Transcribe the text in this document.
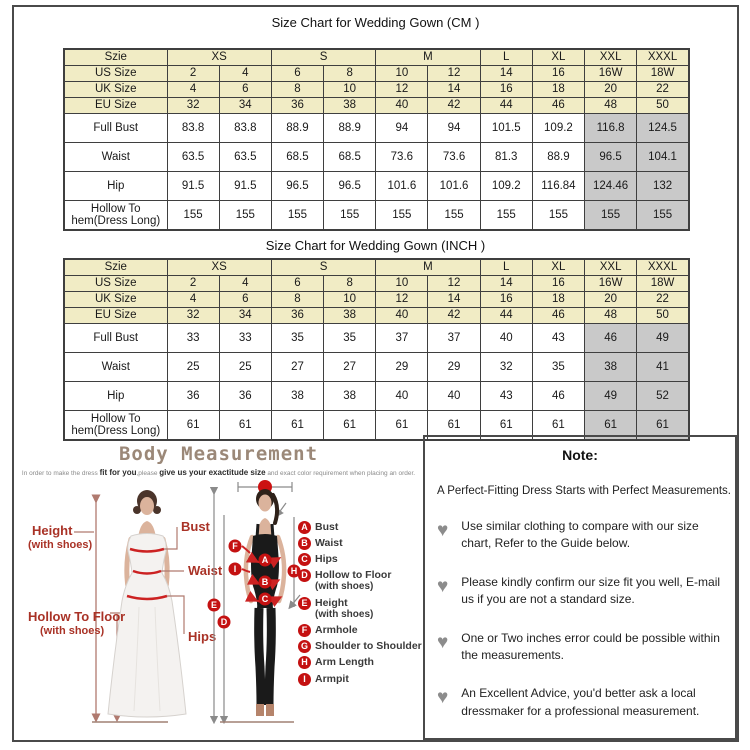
Size Chart for Wedding Gown (CM )
Szie	XS		S		M		L	XL	XXL	XXXL
US Size	2	4	6	8	10	12	14	16	16W	18W
UK Size	4	6	8	10	12	14	16	18	20	22
EU Size	32	34	36	38	40	42	44	46	48	50
Full Bust	83.8	83.8	88.9	88.9	94	94	101.5	109.2	116.8	124.5
Waist	63.5	63.5	68.5	68.5	73.6	73.6	81.3	88.9	96.5	104.1
Hip	91.5	91.5	96.5	96.5	101.6	101.6	109.2	116.84	124.46	132
Hollow To hem(Dress Long)	155	155	155	155	155	155	155	155	155	155
Size Chart for Wedding Gown (INCH )
Szie	XS		S		M		L	XL	XXL	XXXL
US Size	2	4	6	8	10	12	14	16	16W	18W
UK Size	4	6	8	10	12	14	16	18	20	22
EU Size	32	34	36	38	40	42	44	46	48	50
Full Bust	33	33	35	35	37	37	40	43	46	49
Waist	25	25	27	27	29	29	32	35	38	41
Hip	36	36	38	38	40	40	43	46	49	52
Hollow To hem(Dress Long)	61	61	61	61	61	61	61	61	61	61
Height
(with shoes)
Hollow To Floor
(with shoes)
Bust
Waist
Hips
A
B
C
F
I
E
D
H
Body Measurement
In order to make the dress fit for you,please give us your exactitude size and exact color requirement when placing an order.
A Bust
B Waist
C Hips
D Hollow to Floor
(with shoes)
E Height
(with shoes)
F Armhole
G Shoulder to Shoulder
H Arm Length
I Armpit
Note:
A Perfect-Fitting Dress Starts with Perfect Measurements.
♥ Use similar clothing to compare with our size chart, Refer to the Guide below.
♥ Please kindly confirm our size fit you well, E-mail us if you are not a standard size.
♥ One or Two inches error could be possible within the measurements.
♥ An Excellent Advice, you'd better ask a local dressmaker for a professional measurement.
